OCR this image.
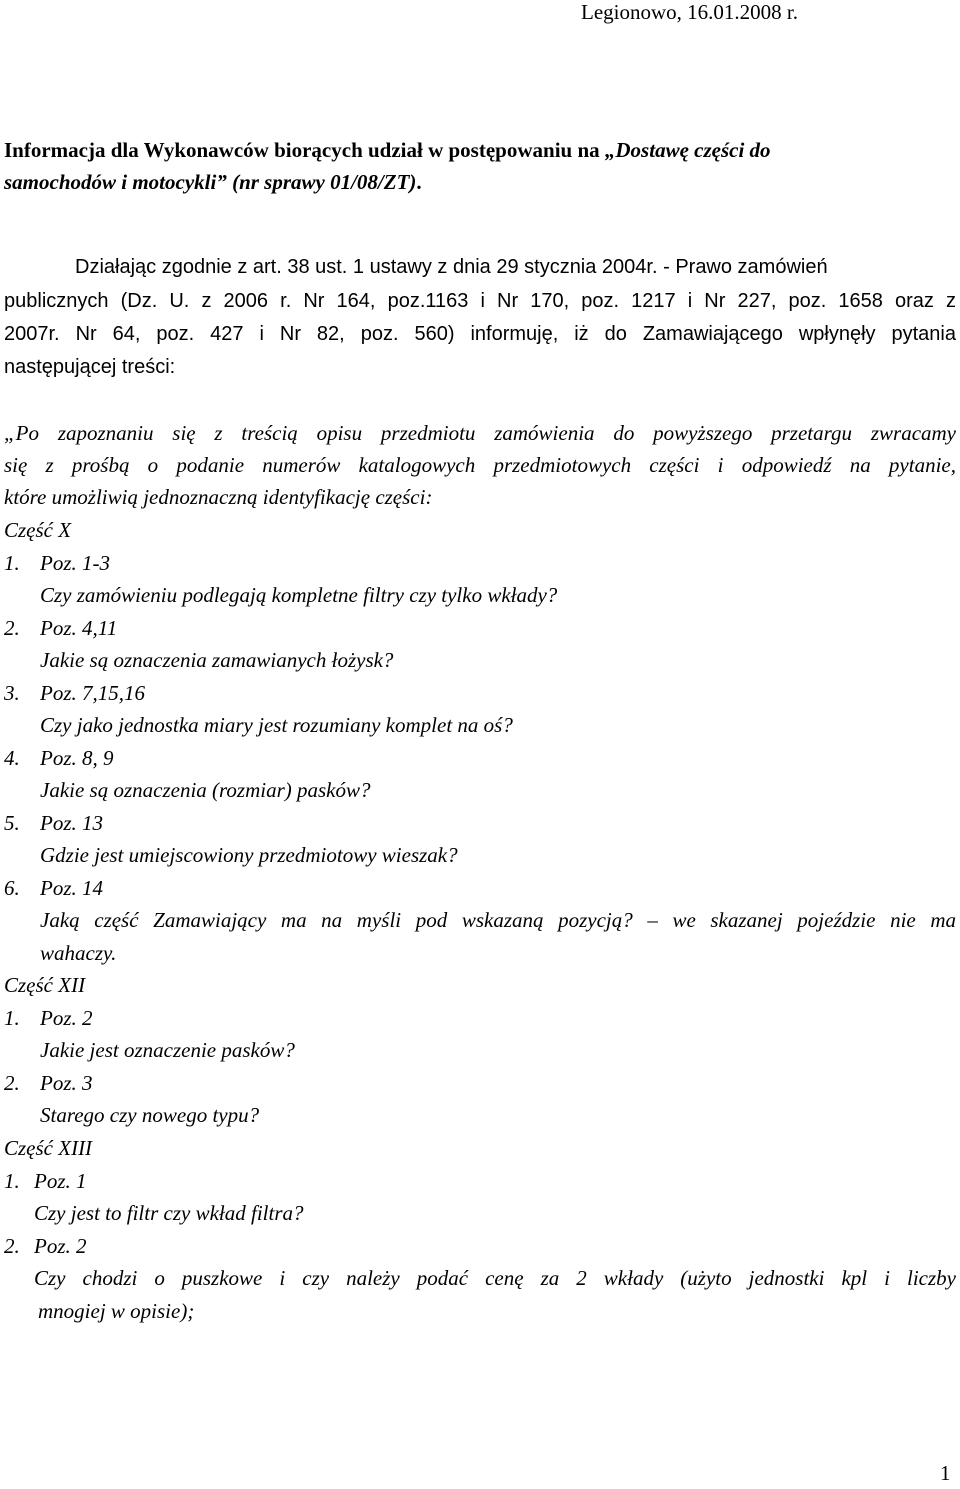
Legionowo, 16.01.2008 r.
Informacja dla Wykonawców biorących udział w postępowaniu na „Dostawę części do
samochodów i motocykli” (nr sprawy 01/08/ZT).
Działając zgodnie z art. 38 ust. 1 ustawy z dnia 29 stycznia 2004r. - Prawo zamówień
publicznych (Dz. U. z 2006 r. Nr 164, poz.1163 i Nr 170, poz. 1217 i Nr 227, poz. 1658 oraz z
2007r. Nr 64, poz. 427 i Nr 82, poz. 560) informuję, iż do Zamawiającego wpłynęły pytania
następującej treści:
„Po zapoznaniu się z treścią opisu przedmiotu zamówienia do powyższego przetargu zwracamy
się z prośbą o podanie numerów katalogowych przedmiotowych części i odpowiedź na pytanie,
które umożliwią jednoznaczną identyfikację części:
Część X
1. Poz. 1-3
Czy zamówieniu podlegają kompletne filtry czy tylko wkłady?
2. Poz. 4,11
Jakie są oznaczenia zamawianych łożysk?
3. Poz. 7,15,16
Czy jako jednostka miary jest rozumiany komplet na oś?
4. Poz. 8, 9
Jakie są oznaczenia (rozmiar) pasków?
5. Poz. 13
Gdzie jest umiejscowiony przedmiotowy wieszak?
6. Poz. 14
Jaką część Zamawiający ma na myśli pod wskazaną pozycją? – we skazanej pojeździe nie ma
wahaczy.
Część XII
1. Poz. 2
Jakie jest oznaczenie pasków?
2. Poz. 3
Starego czy nowego typu?
Część XIII
1. Poz. 1
Czy jest to filtr czy wkład filtra?
2. Poz. 2
Czy chodzi o puszkowe i czy należy podać cenę za 2 wkłady (użyto jednostki kpl i liczby
mnogiej w opisie);
1
